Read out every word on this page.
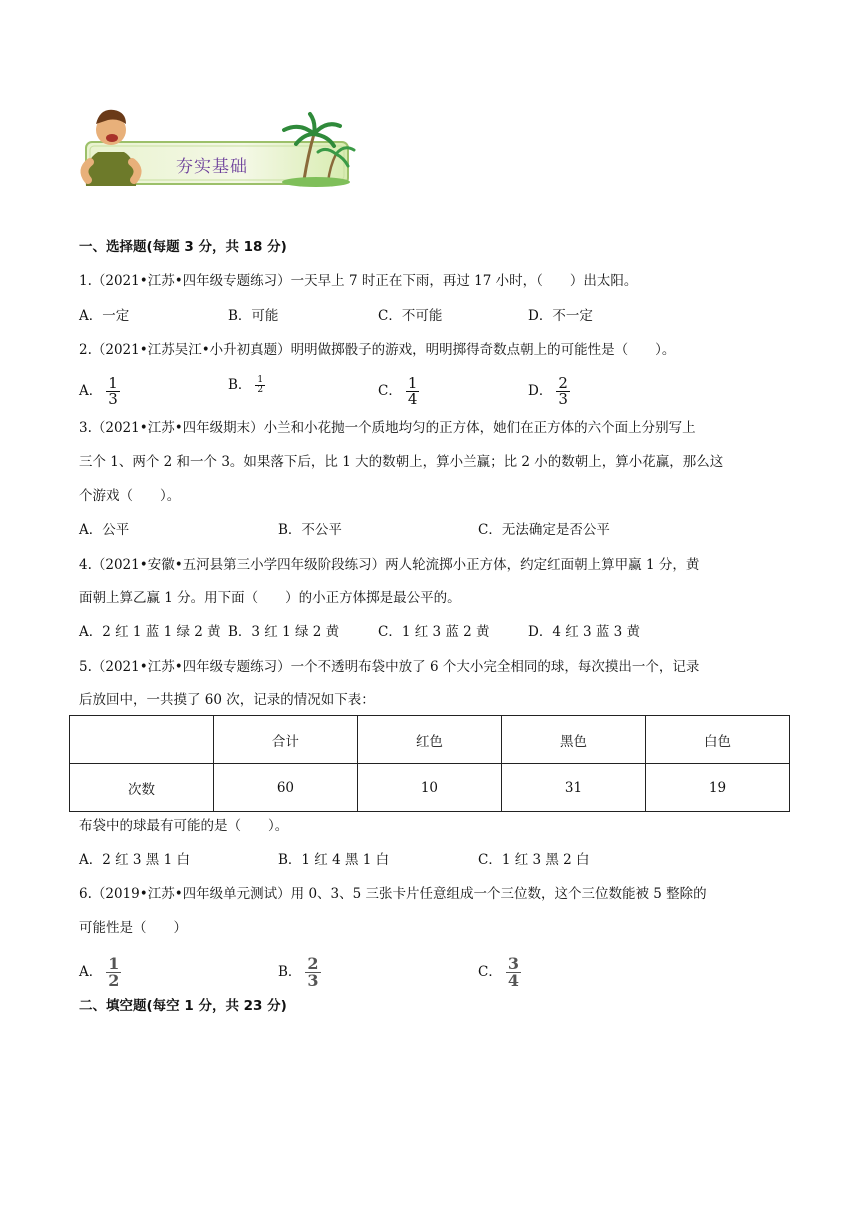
夯实基础
一、选择题(每题 3 分，共 18 分)
1.（2021•江苏•四年级专题练习）一天早上 7 时正在下雨，再过 17 小时，（　　）出太阳。
A．一定	B．可能	C．不可能	D．不一定
2.（2021•江苏吴江•小升初真题）明明做掷骰子的游戏，明明掷得奇数点朝上的可能性是（　　）。
A． $\frac{1}{3}$	B． $\frac{1}{2}$	C． $\frac{1}{4}$	D． $\frac{2}{3}$
3.（2021•江苏•四年级期末）小兰和小花抛一个质地均匀的正方体，她们在正方体的六个面上分别写上
三个 1、两个 2 和一个 3。如果落下后，比 1 大的数朝上，算小兰赢；比 2 小的数朝上，算小花赢，那么这
个游戏（　　）。
A．公平	B．不公平	C．无法确定是否公平
4.（2021•安徽•五河县第三小学四年级阶段练习）两人轮流掷小正方体，约定红面朝上算甲赢 1 分，黄
面朝上算乙赢 1 分。用下面（　　）的小正方体掷是最公平的。
A．2 红 1 蓝 1 绿 2 黄 B．3 红 1 绿 2 黄	C．1 红 3 蓝 2 黄	D．4 红 3 蓝 3 黄
5.（2021•江苏•四年级专题练习）一个不透明布袋中放了 6 个大小完全相同的球，每次摸出一个，记录
后放回中，一共摸了 60 次，记录的情况如下表：
	合计	红色	黑色	白色
次数	60	10	31	19
布袋中的球最有可能的是（　　）。
A．2 红 3 黑 1 白	B．1 红 4 黑 1 白	C．1 红 3 黑 2 白
6.（2019•江苏•四年级单元测试）用 0、3、5 三张卡片任意组成一个三位数，这个三位数能被 5 整除的
可能性是（　　）
A． $\frac{1}{2}$	B． $\frac{2}{3}$	C． $\frac{3}{4}$
二、填空题(每空 1 分，共 23 分)
